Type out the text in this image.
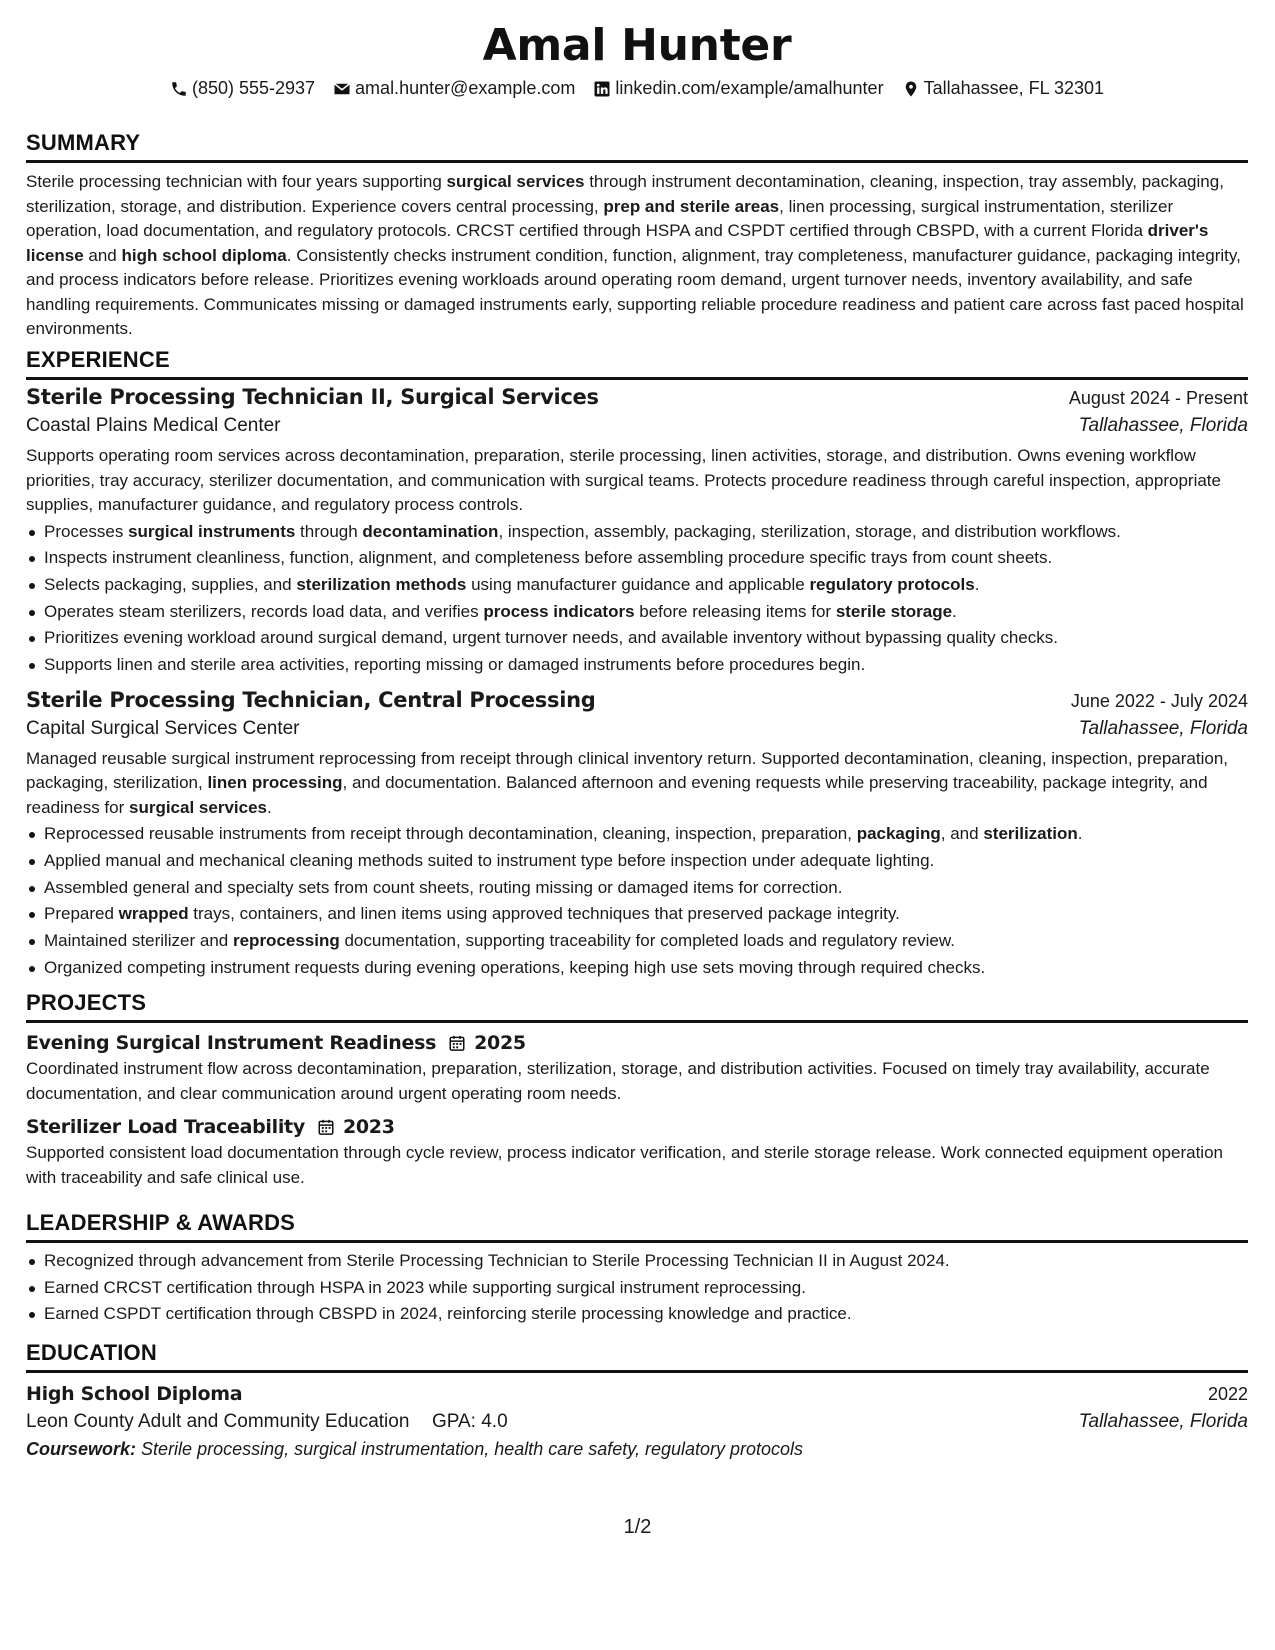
Amal Hunter
(850) 555-2937 amal.hunter@example.com linkedin.com/example/amalhunter Tallahassee, FL 32301
SUMMARY
Sterile processing technician with four years supporting surgical services through instrument decontamination, cleaning, inspection, tray assembly, packaging, sterilization, storage, and distribution. Experience covers central processing, prep and sterile areas, linen processing, surgical instrumentation, sterilizer operation, load documentation, and regulatory protocols. CRCST certified through HSPA and CSPDT certified through CBSPD, with a current Florida driver's license and high school diploma. Consistently checks instrument condition, function, alignment, tray completeness, manufacturer guidance, packaging integrity, and process indicators before release. Prioritizes evening workloads around operating room demand, urgent turnover needs, inventory availability, and safe handling requirements. Communicates missing or damaged instruments early, supporting reliable procedure readiness and patient care across fast paced hospital environments.
EXPERIENCE
Sterile Processing Technician II, Surgical Services	August 2024 - Present
Coastal Plains Medical Center	Tallahassee, Florida
Supports operating room services across decontamination, preparation, sterile processing, linen activities, storage, and distribution. Owns evening workflow priorities, tray accuracy, sterilizer documentation, and communication with surgical teams. Protects procedure readiness through careful inspection, appropriate supplies, manufacturer guidance, and regulatory process controls.
Processes surgical instruments through decontamination, inspection, assembly, packaging, sterilization, storage, and distribution workflows.
Inspects instrument cleanliness, function, alignment, and completeness before assembling procedure specific trays from count sheets.
Selects packaging, supplies, and sterilization methods using manufacturer guidance and applicable regulatory protocols.
Operates steam sterilizers, records load data, and verifies process indicators before releasing items for sterile storage.
Prioritizes evening workload around surgical demand, urgent turnover needs, and available inventory without bypassing quality checks.
Supports linen and sterile area activities, reporting missing or damaged instruments before procedures begin.
Sterile Processing Technician, Central Processing	June 2022 - July 2024
Capital Surgical Services Center	Tallahassee, Florida
Managed reusable surgical instrument reprocessing from receipt through clinical inventory return. Supported decontamination, cleaning, inspection, preparation, packaging, sterilization, linen processing, and documentation. Balanced afternoon and evening requests while preserving traceability, package integrity, and readiness for surgical services.
Reprocessed reusable instruments from receipt through decontamination, cleaning, inspection, preparation, packaging, and sterilization.
Applied manual and mechanical cleaning methods suited to instrument type before inspection under adequate lighting.
Assembled general and specialty sets from count sheets, routing missing or damaged items for correction.
Prepared wrapped trays, containers, and linen items using approved techniques that preserved package integrity.
Maintained sterilizer and reprocessing documentation, supporting traceability for completed loads and regulatory review.
Organized competing instrument requests during evening operations, keeping high use sets moving through required checks.
PROJECTS
Evening Surgical Instrument Readiness 2025
Coordinated instrument flow across decontamination, preparation, sterilization, storage, and distribution activities. Focused on timely tray availability, accurate documentation, and clear communication around urgent operating room needs.
Sterilizer Load Traceability 2023
Supported consistent load documentation through cycle review, process indicator verification, and sterile storage release. Work connected equipment operation with traceability and safe clinical use.
LEADERSHIP & AWARDS
Recognized through advancement from Sterile Processing Technician to Sterile Processing Technician II in August 2024.
Earned CRCST certification through HSPA in 2023 while supporting surgical instrument reprocessing.
Earned CSPDT certification through CBSPD in 2024, reinforcing sterile processing knowledge and practice.
EDUCATION
High School Diploma	2022
Leon County Adult and Community Education GPA: 4.0	Tallahassee, Florida
Coursework: Sterile processing, surgical instrumentation, health care safety, regulatory protocols
1/2
